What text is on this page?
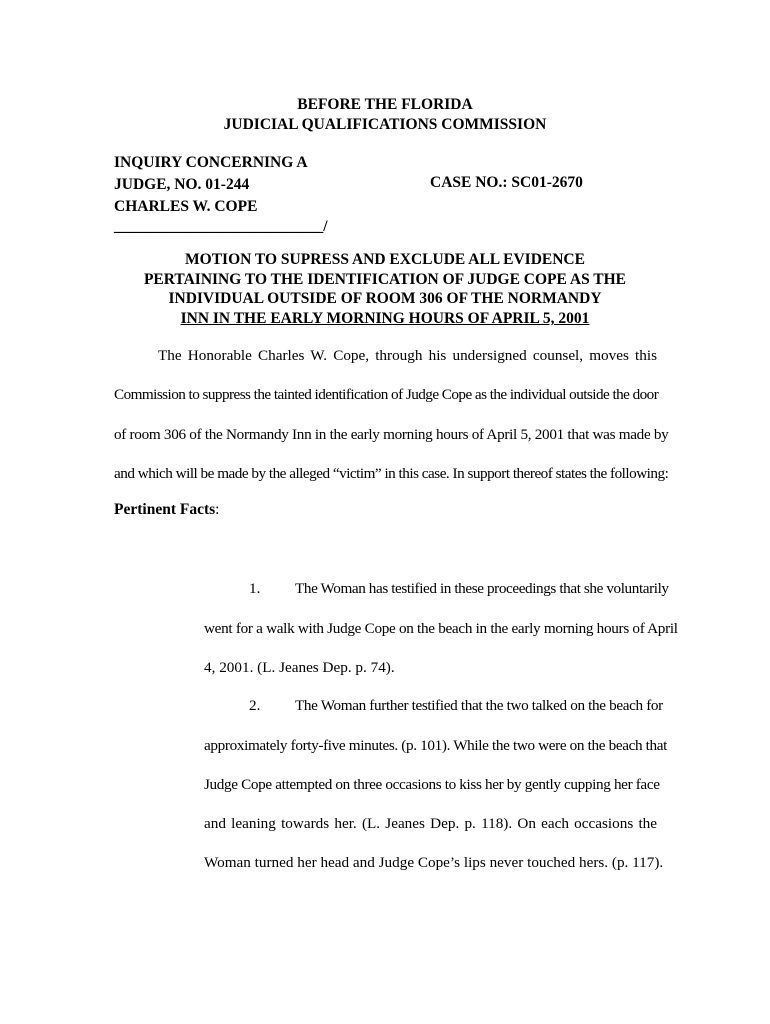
BEFORE THE FLORIDA
JUDICIAL QUALIFICATIONS COMMISSION
INQUIRY CONCERNING A
JUDGE, NO. 01-244
CHARLES W. COPE
___________________________/
CASE NO.: SC01-2670
MOTION TO SUPRESS AND EXCLUDE ALL EVIDENCE
PERTAINING TO THE IDENTIFICATION OF JUDGE COPE AS THE
INDIVIDUAL OUTSIDE OF ROOM 306 OF THE NORMANDY
INN IN THE EARLY MORNING HOURS OF APRIL 5, 2001
The Honorable Charles W. Cope, through his undersigned counsel, moves this
Commission to suppress the tainted identification of Judge Cope as the individual outside the door
of room 306 of the Normandy Inn in the early morning hours of April 5, 2001 that was made by
and which will be made by the alleged “victim” in this case. In support thereof states the following:
Pertinent Facts:
1. The Woman has testified in these proceedings that she voluntarily
went for a walk with Judge Cope on the beach in the early morning hours of April
4, 2001. (L. Jeanes Dep. p. 74).
2. The Woman further testified that the two talked on the beach for
approximately forty-five minutes. (p. 101). While the two were on the beach that
Judge Cope attempted on three occasions to kiss her by gently cupping her face
and leaning towards her. (L. Jeanes Dep. p. 118). On each occasions the
Woman turned her head and Judge Cope’s lips never touched hers. (p. 117).
